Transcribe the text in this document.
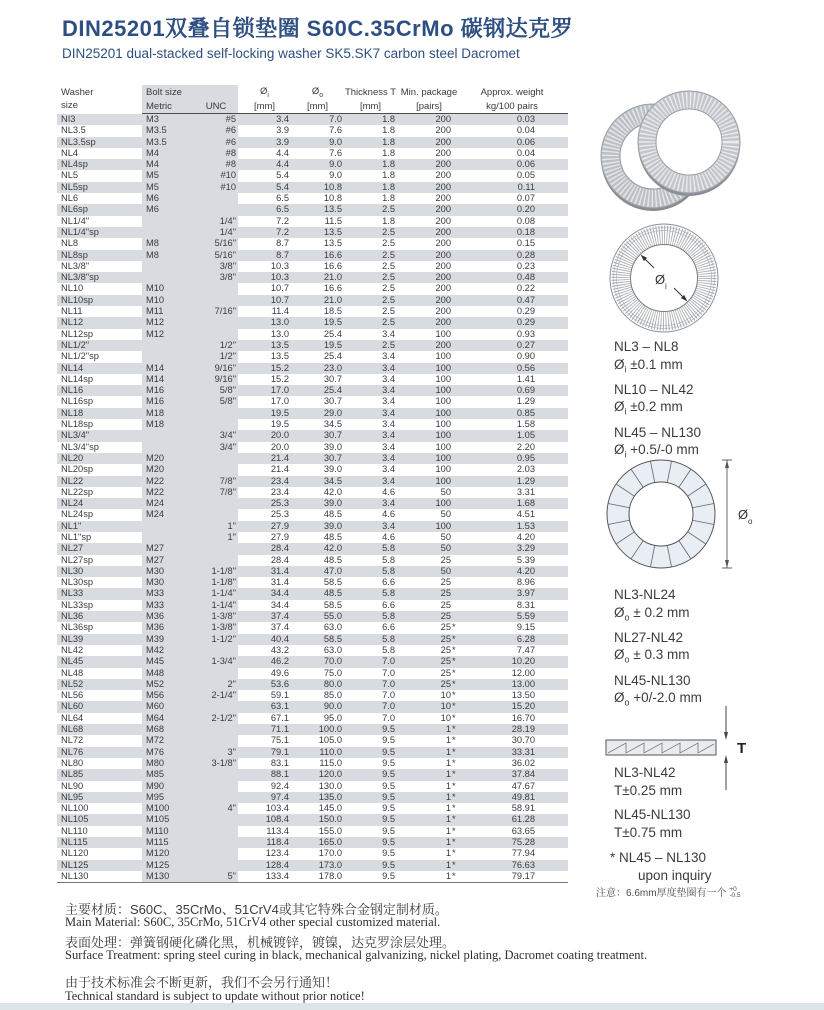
DIN25201双叠自锁垫圈 S60C.35CrMo 碳钢达克罗
DIN25201 dual-stacked self-locking washer SK5.SK7 carbon steel Dacromet
Washer
size	Bolt size		$Ø_i$	$Ø_o$	Thickness T	Min. package	Approx. weight
	Metric	UNC	[mm]	[mm]	[mm]	[pairs]	kg/100 pairs
NI3	M3	#5	3.4	7.0	1.8	200	0.03
NL3.5	M3.5	#6	3.9	7.6	1.8	200	0.04
NL3.5sp	M3.5	#6	3.9	9.0	1.8	200	0.06
NL4	M4	#8	4.4	7.6	1.8	200	0.04
NL4sp	M4	#8	4.4	9.0	1.8	200	0.06
NL5	M5	#10	5.4	9.0	1.8	200	0.05
NL5sp	M5	#10	5.4	10.8	1.8	200	0.11
NL6	M6		6.5	10.8	1.8	200	0.07
NL6sp	M6		6.5	13.5	2.5	200	0.20
NL1/4"		1/4"	7.2	11.5	1.8	200	0.08
NL1/4"sp		1/4"	7.2	13.5	2.5	200	0.18
NL8	M8	5/16"	8.7	13.5	2.5	200	0.15
NL8sp	M8	5/16"	8.7	16.6	2.5	200	0.28
NL3/8"		3/8"	10.3	16.6	2.5	200	0.23
NL3/8"sp		3/8"	10.3	21.0	2.5	200	0.48
NL10	M10		10.7	16.6	2.5	200	0.22
NL10sp	M10		10.7	21.0	2.5	200	0.47
NL11	M11	7/16"	11.4	18.5	2.5	200	0.29
NL12	M12		13.0	19.5	2.5	200	0.29
NL12sp	M12		13.0	25.4	3.4	100	0.93
NL1/2"		1/2"	13.5	19.5	2.5	200	0.27
NL1/2"sp		1/2"	13.5	25.4	3.4	100	0.90
NL14	M14	9/16"	15.2	23.0	3.4	100	0.56
NL14sp	M14	9/16"	15.2	30.7	3.4	100	1.41
NL16	M16	5/8"	17.0	25.4	3.4	100	0.69
NL16sp	M16	5/8"	17.0	30.7	3.4	100	1.29
NL18	M18		19.5	29.0	3.4	100	0.85
NL18sp	M18		19.5	34.5	3.4	100	1.58
NL3/4"		3/4"	20.0	30.7	3.4	100	1.05
NL3/4"sp		3/4"	20.0	39.0	3.4	100	2.20
NL20	M20		21.4	30.7	3.4	100	0.95
NL20sp	M20		21.4	39.0	3.4	100	2.03
NL22	M22	7/8"	23.4	34.5	3.4	100	1.29
NL22sp	M22	7/8"	23.4	42.0	4.6	50	3.31
NL24	M24		25.3	39.0	3.4	100	1.68
NL24sp	M24		25.3	48.5	4.6	50	4.51
NL1"		1"	27.9	39.0	3.4	100	1.53
NL1"sp		1"	27.9	48.5	4.6	50	4.20
NL27	M27		28.4	42.0	5.8	50	3.29
NL27sp	M27		28.4	48.5	5.8	25	5.39
NL30	M30	1-1/8"	31.4	47.0	5.8	50	4.20
NL30sp	M30	1-1/8"	31.4	58.5	6.6	25	8.96
NL33	M33	1-1/4"	34.4	48.5	5.8	25	3.97
NL33sp	M33	1-1/4"	34.4	58.5	6.6	25	8.31
NL36	M36	1-3/8"	37.4	55.0	5.8	25	5.59
NL36sp	M36	1-3/8"	37.4	63.0	6.6	25*	9.15
NL39	M39	1-1/2"	40.4	58.5	5.8	25*	6.28
NL42	M42		43.2	63.0	5.8	25*	7.47
NL45	M45	1-3/4"	46.2	70.0	7.0	25*	10.20
NL48	M48		49.6	75.0	7.0	25*	12.00
NL52	M52	2"	53.6	80.0	7.0	25*	13.00
NL56	M56	2-1/4"	59.1	85.0	7.0	10*	13.50
NL60	M60		63.1	90.0	7.0	10*	15.20
NL64	M64	2-1/2"	67.1	95.0	7.0	10*	16.70
NL68	M68		71.1	100.0	9.5	1*	28.19
NL72	M72		75.1	105.0	9.5	1*	30.70
NL76	M76	3"	79.1	110.0	9.5	1*	33.31
NL80	M80	3-1/8"	83.1	115.0	9.5	1*	36.02
NL85	M85		88.1	120.0	9.5	1*	37.84
NL90	M90		92.4	130.0	9.5	1*	47.67
NL95	M95		97.4	135.0	9.5	1*	49.81
NL100	M100	4"	103.4	145.0	9.5	1*	58.91
NL105	M105		108.4	150.0	9.5	1*	61.28
NL110	M110		113.4	155.0	9.5	1*	63.65
NL115	M115		118.4	165.0	9.5	1*	75.28
NL120	M120		123.4	170.0	9.5	1*	77.94
NL125	M125		128.4	173.0	9.5	1*	76.63
NL130	M130	5"	133.4	178.0	9.5	1*	79.17
Ø i
NL3 – NL8
$Ø_i \pm 0.1$ mm
NL10 – NL42
$Ø_i \pm 0.2$ mm
NL45 – NL130
$Ø_i +0.5/-0$ mm
Ø o
NL3-NL24
$Ø_o \pm 0.2$ mm
NL27-NL42
$Ø_o \pm 0.3$ mm
NL45-NL130
$Ø_o +0/-2.0$ mm
T
NL3-NL42
T±0.25 mm
NL45-NL130
T±0.75 mm
* NL45 – NL130
upon inquiry
注意：6.6mm厚度垫圈有一个 +0
-0.5
主要材质：S60C、35CrMo、51CrV4或其它特殊合金钢定制材质。
Main Material: S60C, 35CrMo, 51CrV4 other special customized material.
表面处理：弹簧钢硬化磷化黑，机械镀锌，镀镍，达克罗涂层处理。
Surface Treatment: spring steel curing in black, mechanical galvanizing, nickel plating, Dacromet coating treatment.
由于技术标准会不断更新，我们不会另行通知！
Technical standard is subject to update without prior notice!
